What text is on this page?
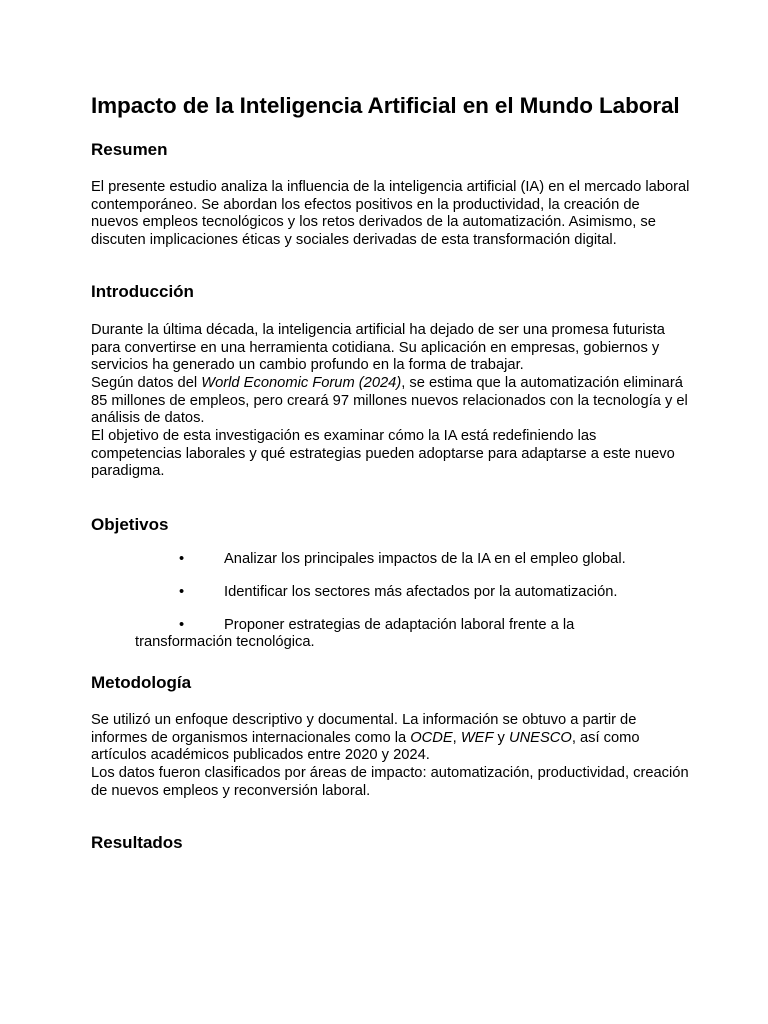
Impacto de la Inteligencia Artificial en el Mundo Laboral
Resumen

El presente estudio analiza la influencia de la inteligencia artificial (IA) en el mercado laboral contemporáneo. Se abordan los efectos positivos en la productividad, la creación de nuevos empleos tecnológicos y los retos derivados de la automatización. Asimismo, se discuten implicaciones éticas y sociales derivadas de esta transformación digital.

Introducción

Durante la última década, la inteligencia artificial ha dejado de ser una promesa futurista para convertirse en una herramienta cotidiana. Su aplicación en empresas, gobiernos y servicios ha generado un cambio profundo en la forma de trabajar.
Según datos del World Economic Forum (2024), se estima que la automatización eliminará 85 millones de empleos, pero creará 97 millones nuevos relacionados con la tecnología y el análisis de datos.
El objetivo de esta investigación es examinar cómo la IA está redefiniendo las competencias laborales y qué estrategias pueden adoptarse para adaptarse a este nuevo paradigma.

Objetivos
•	Analizar los principales impactos de la IA en el empleo global.
•	Identificar los sectores más afectados por la automatización.
•	Proponer estrategias de adaptación laboral frente a la
transformación tecnológica.
Metodología

Se utilizó un enfoque descriptivo y documental. La información se obtuvo a partir de informes de organismos internacionales como la OCDE, WEF y UNESCO, así como artículos académicos publicados entre 2020 y 2024.
Los datos fueron clasificados por áreas de impacto: automatización, productividad, creación de nuevos empleos y reconversión laboral.

Resultados
